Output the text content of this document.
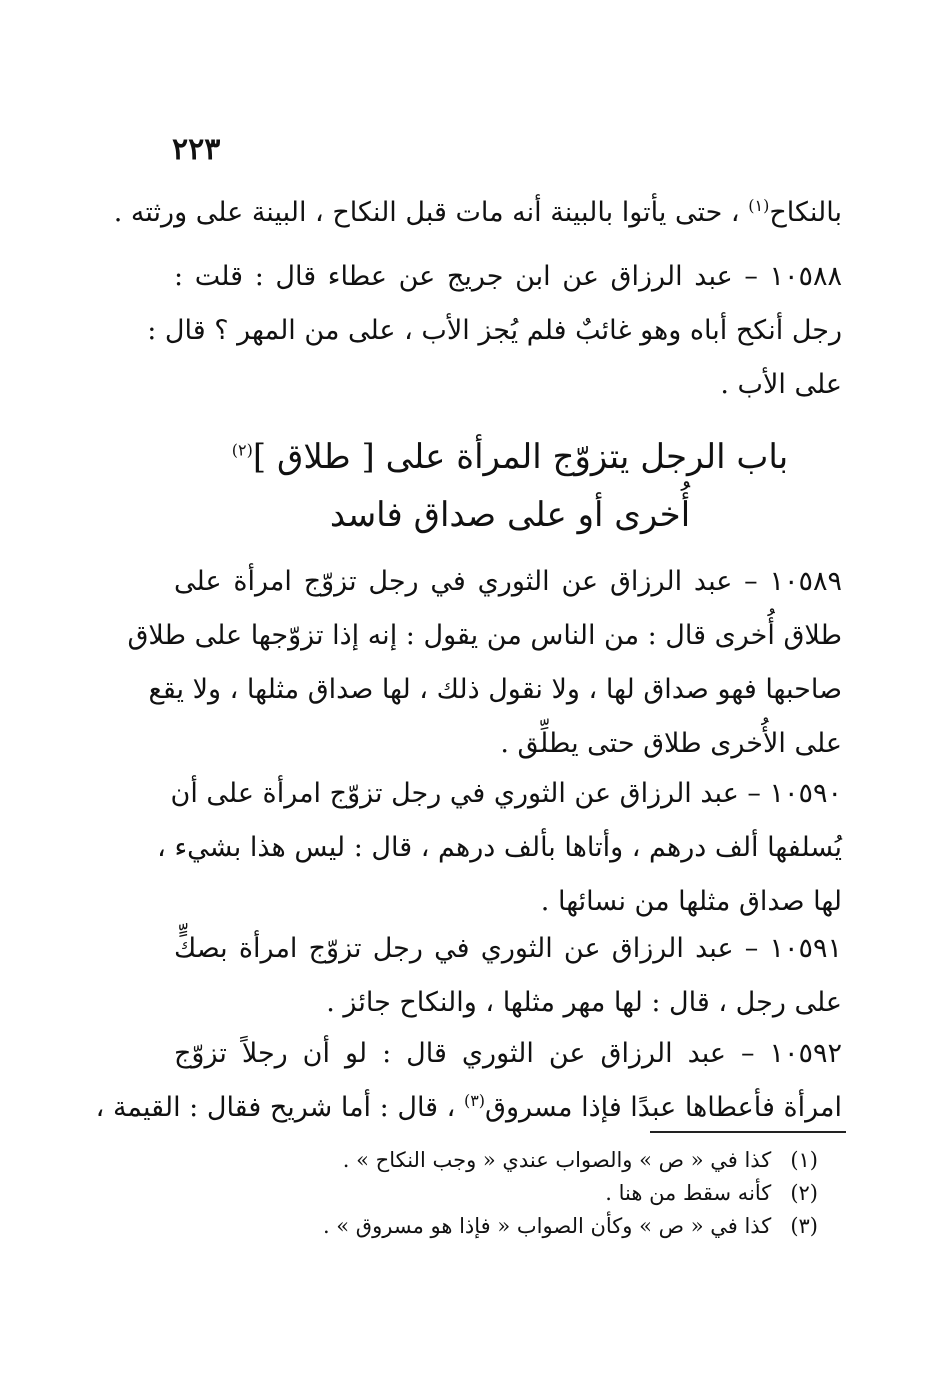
٢٢٣
بالنكاح$^{(١)}$ ، حتى يأتوا بالبينة أنه مات قبل النكاح ، البينة على ورثته .
١٠٥٨٨ – عبد الرزاق عن ابن جريج عن عطاء قال : قلت :
رجل أنكح أباه وهو غائبٌ فلم يُجز الأب ، على من المهر ؟ قال :
على الأب .
باب الرجل يتزوّج المرأة على [ طلاق ]$^{(٢)}$
أُخرى أو على صداق فاسد
١٠٥٨٩ – عبد الرزاق عن الثوري في رجل تزوّج امرأة على
طلاق أُخرى قال : من الناس من يقول : إنه إذا تزوّجها على طلاق
صاحبها فهو صداق لها ، ولا نقول ذلك ، لها صداق مثلها ، ولا يقع
على الأُخرى طلاق حتى يطلِّق .
١٠٥٩٠ – عبد الرزاق عن الثوري في رجل تزوّج امرأة على أن
يُسلفها ألف درهم ، وأتاها بألف درهم ، قال : ليس هذا بشيء ،
لها صداق مثلها من نسائها .
١٠٥٩١ – عبد الرزاق عن الثوري في رجل تزوّج امرأة بصكٍّ
على رجل ، قال : لها مهر مثلها ، والنكاح جائز .
١٠٥٩٢ – عبد الرزاق عن الثوري قال : لو أن رجلاً تزوّج
امرأة فأعطاها عبدًا فإذا مسروق$^{(٣)}$ ، قال : أما شريح فقال : القيمة ،
(١) كذا في « ص » والصواب عندي « وجب النكاح » .
(٢) كأنه سقط من هنا .
(٣) كذا في « ص » وكأن الصواب « فإذا هو مسروق » .
